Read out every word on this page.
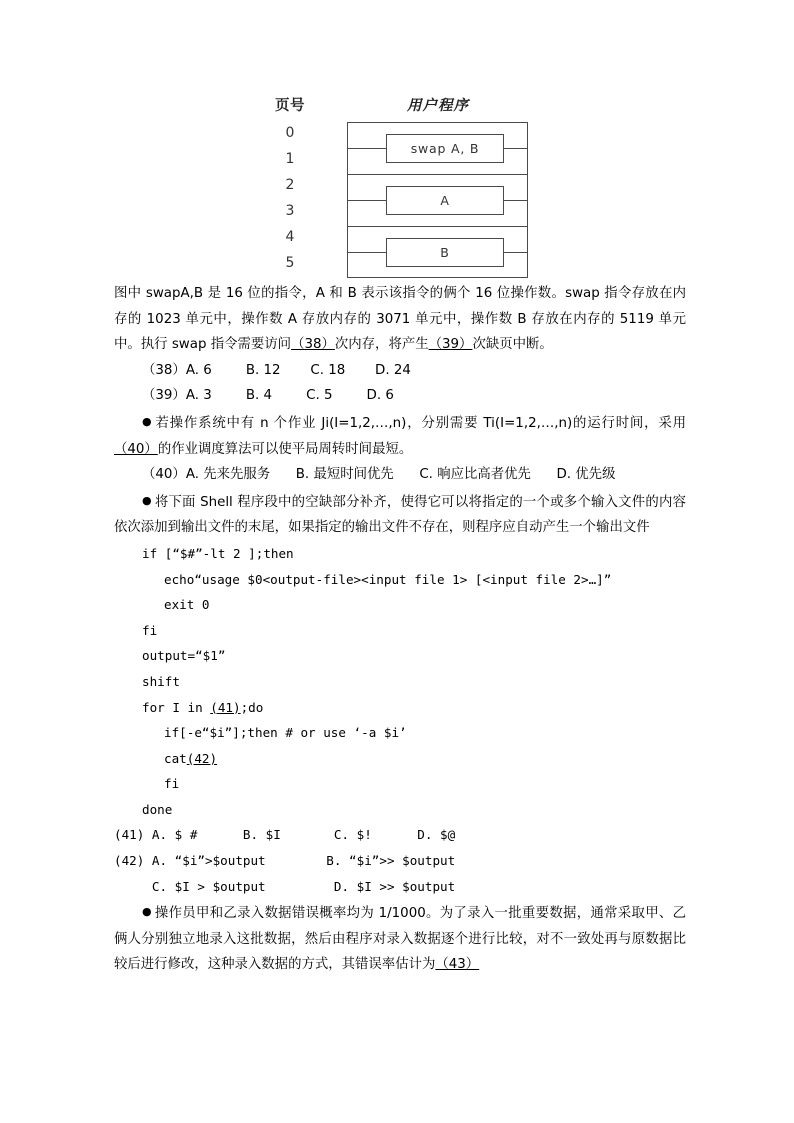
页号
0
1
2
3
4
5
用户程序
swap A, B
A
B

图中 swapA,B 是 16 位的指令，A 和 B 表示该指令的俩个 16 位操作数。swap 指令存放在内存的 1023 单元中，操作数 A 存放内存的 3071 单元中，操作数 B 存放在内存的 5119 单元中。执行 swap 指令需要访问（38）次内存，将产生（39）次缺页中断。

（38）A. 6        B. 12       C. 18       D. 24

（39）A. 3        B. 4        C. 5        D. 6

● 若操作系统中有 n 个作业 Ji(I=1,2,…,n)，分别需要 Ti(I=1,2,…,n)的运行时间，采用（40）的作业调度算法可以使平局周转时间最短。

（40）A. 先来先服务      B. 最短时间优先      C. 响应比高者优先      D. 优先级

● 将下面 Shell 程序段中的空缺部分补齐，使得它可以将指定的一个或多个输入文件的内容依次添加到输出文件的末尾，如果指定的输出文件不存在，则程序应自动产生一个输出文件

if [“$#”-lt 2 ];then
echo“usage $0<output-file><input file 1> [<input file 2>…]”
exit 0
fi
output=“$1”
shift
for I in (41);do
if[-e“$i”];then # or use ‘-a $i’
cat(42)
fi
done

(41) A. $ #      B. $I       C. $!      D. $@

(42) A. “$i”>$output        B. “$i”>> $output

C. $I > $output         D. $I >> $output

● 操作员甲和乙录入数据错误概率均为 1/1000。为了录入一批重要数据，通常采取甲、乙俩人分别独立地录入这批数据，然后由程序对录入数据逐个进行比较，对不一致处再与原数据比较后进行修改，这种录入数据的方式，其错误率估计为（43）
